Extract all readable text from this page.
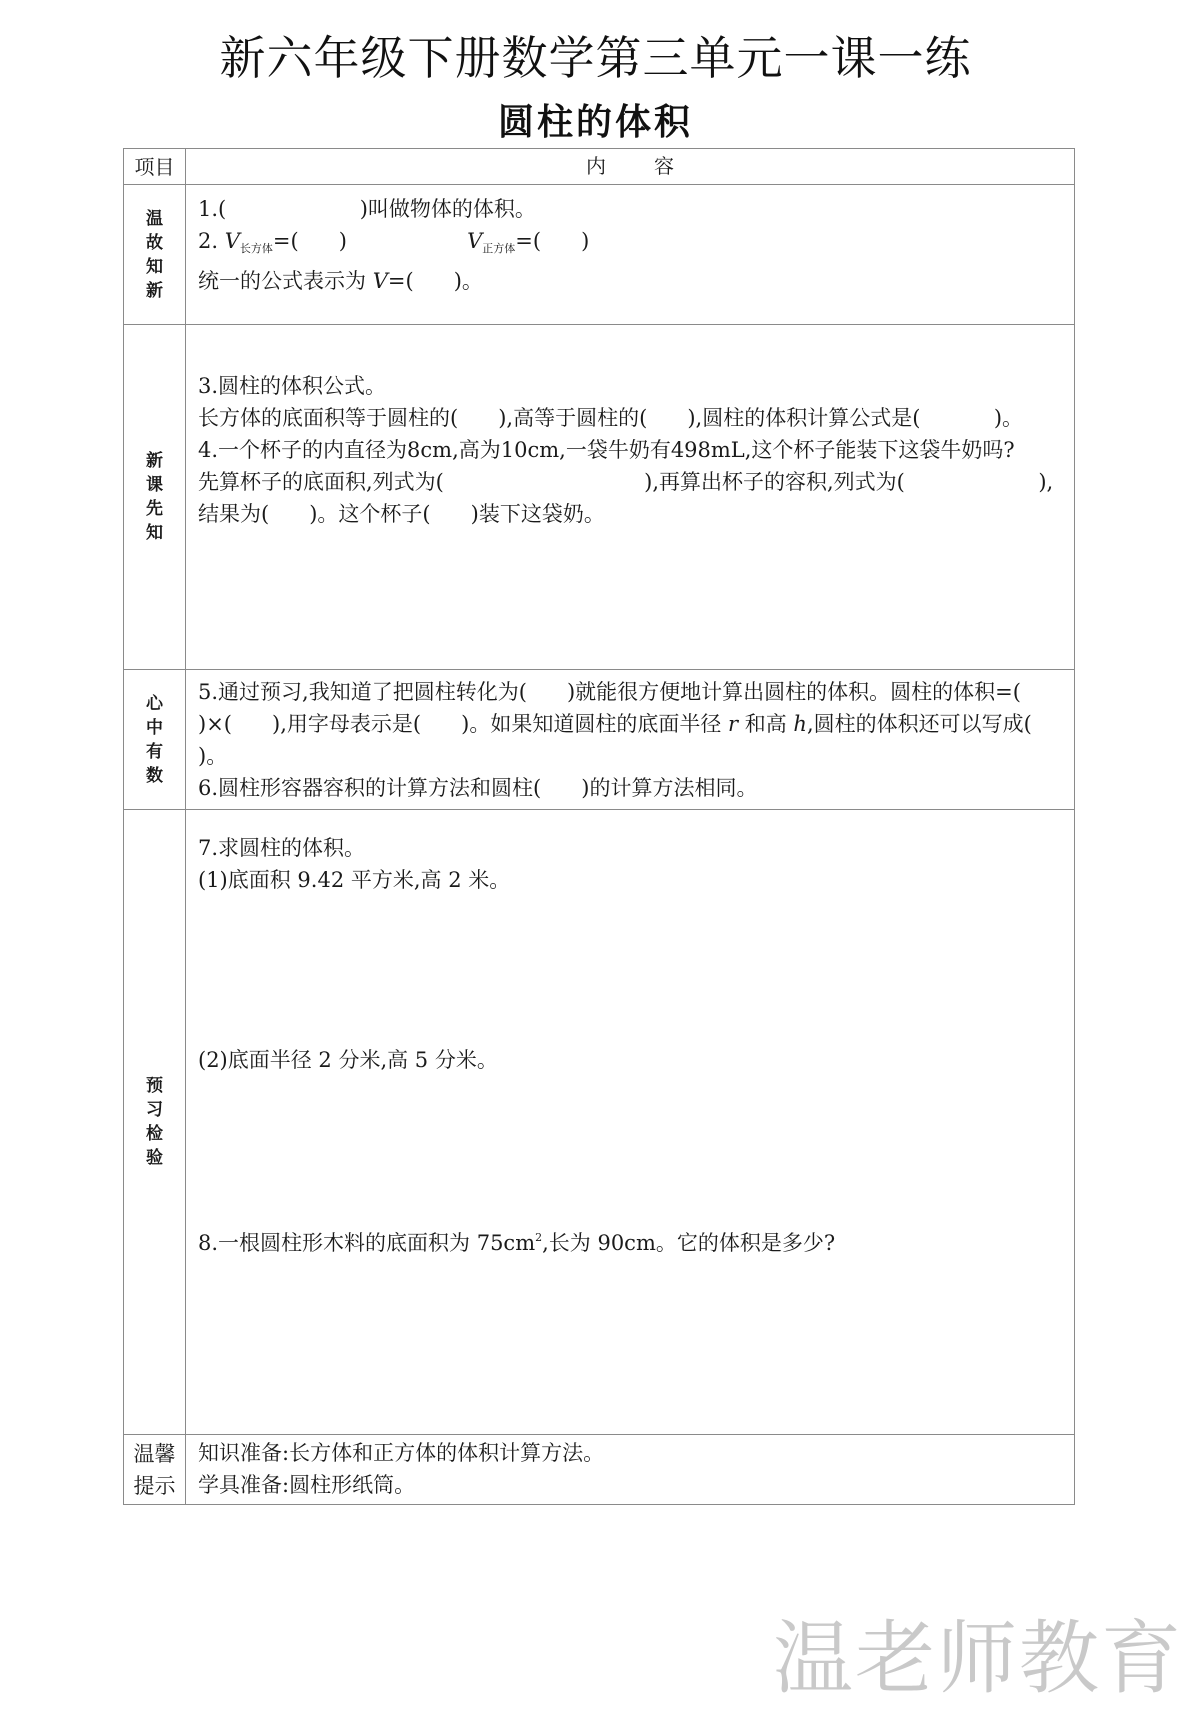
新六年级下册数学第三单元一课一练
圆柱的体积
项目	内容
温故知新	1.(                    )叫做物体的体积。

2. $V_{长方体}=$(      )                  $V_{正方体}=$(      )

统一的公式表示为 V=(      )。

新课先知	3.圆柱的体积公式。

长方体的底面积等于圆柱的(      ),高等于圆柱的(      ),圆柱的体积计算公式是(           )。

4.一个杯子的内直径为8cm,高为10cm,一袋牛奶有498mL,这个杯子能装下这袋牛奶吗?

先算杯子的底面积,列式为(                              ),再算出杯子的容积,列式为(                    ),结果为(      )。这个杯子(      )装下这袋奶。

心中有数	5.通过预习,我知道了把圆柱转化为(      )就能很方便地计算出圆柱的体积。圆柱的体积=(      )×(      ),用字母表示是(      )。如果知道圆柱的底面半径 r 和高 h,圆柱的体积还可以写成(      )。

6.圆柱形容器容积的计算方法和圆柱(      )的计算方法相同。

预习检验	7.求圆柱的体积。

(1)底面积 9.42 平方米,高 2 米。

(2)底面半径 2 分米,高 5 分米。

8.一根圆柱形木料的底面积为 $75cm^2$,长为 90cm。它的体积是多少?

温馨提示	知识准备:长方体和正方体的体积计算方法。

学具准备:圆柱形纸筒。

温老师教育
